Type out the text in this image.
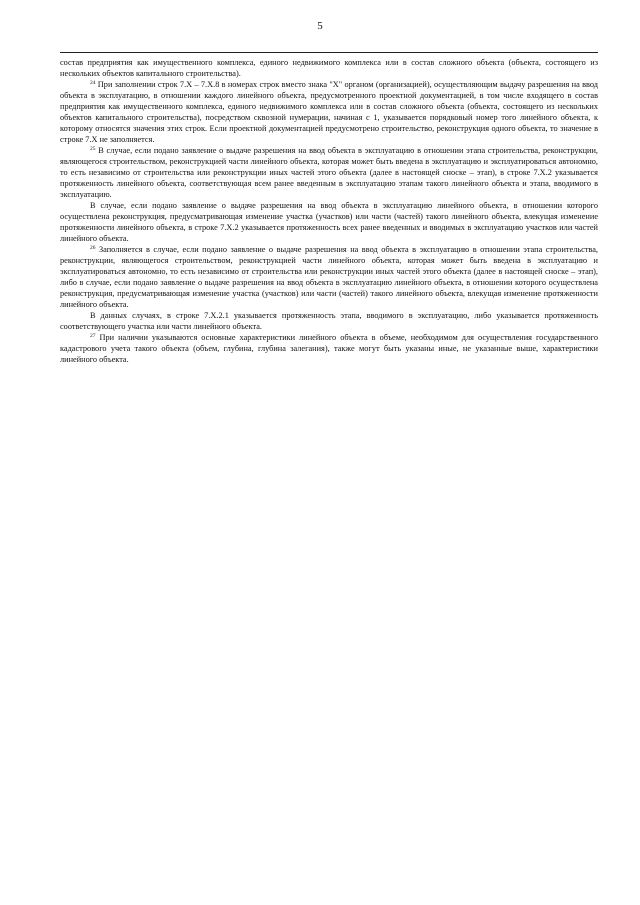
5

состав предприятия как имущественного комплекса, единого недвижимого комплекса или в состав сложного объекта (объекта, состоящего из нескольких объектов капитального строительства).

$^{24}$ При заполнении строк 7.Х – 7.Х.8 в номерах строк вместо знака "Х" органом (организацией), осуществляющим выдачу разрешения на ввод объекта в эксплуатацию, в отношении каждого линейного объекта, предусмотренного проектной документацией, в том числе входящего в состав предприятия как имущественного комплекса, единого недвижимого комплекса или в состав сложного объекта (объекта, состоящего из нескольких объектов капитального строительства), посредством сквозной нумерации, начиная с 1, указывается порядковый номер того линейного объекта, к которому относятся значения этих строк. Если проектной документацией предусмотрено строительство, реконструкция одного объекта, то значение в строке 7.Х не заполняется.

$^{25}$ В случае, если подано заявление о выдаче разрешения на ввод объекта в эксплуатацию в отношении этапа строительства, реконструкции, являющегося строительством, реконструкцией части линейного объекта, которая может быть введена в эксплуатацию и эксплуатироваться автономно, то есть независимо от строительства или реконструкции иных частей этого объекта (далее в настоящей сноске – этап), в строке 7.Х.2 указывается протяженность линейного объекта, соответствующая всем ранее введенным в эксплуатацию этапам такого линейного объекта и этапа, вводимого в эксплуатацию.

В случае, если подано заявление о выдаче разрешения на ввод объекта в эксплуатацию линейного объекта, в отношении которого осуществлена реконструкция, предусматривающая изменение участка (участков) или части (частей) такого линейного объекта, влекущая изменение протяженности линейного объекта, в строке 7.Х.2 указывается протяженность всех ранее введенных и вводимых в эксплуатацию участков или частей линейного объекта.

$^{26}$ Заполняется в случае, если подано заявление о выдаче разрешения на ввод объекта в эксплуатацию в отношении этапа строительства, реконструкции, являющегося строительством, реконструкцией части линейного объекта, которая может быть введена в эксплуатацию и эксплуатироваться автономно, то есть независимо от строительства или реконструкции иных частей этого объекта (далее в настоящей сноске – этап), либо в случае, если подано заявление о выдаче разрешения на ввод объекта в эксплуатацию линейного объекта, в отношении которого осуществлена реконструкция, предусматривающая изменение участка (участков) или части (частей) такого линейного объекта, влекущая изменение протяженности линейного объекта.

В данных случаях, в строке 7.Х.2.1 указывается протяженность этапа, вводимого в эксплуатацию, либо указывается протяженность соответствующего участка или части линейного объекта.

$^{27}$ При наличии указываются основные характеристики линейного объекта в объеме, необходимом для осуществления государственного кадастрового учета такого объекта (объем, глубина, глубина залегания), также могут быть указаны иные, не указанные выше, характеристики линейного объекта.
